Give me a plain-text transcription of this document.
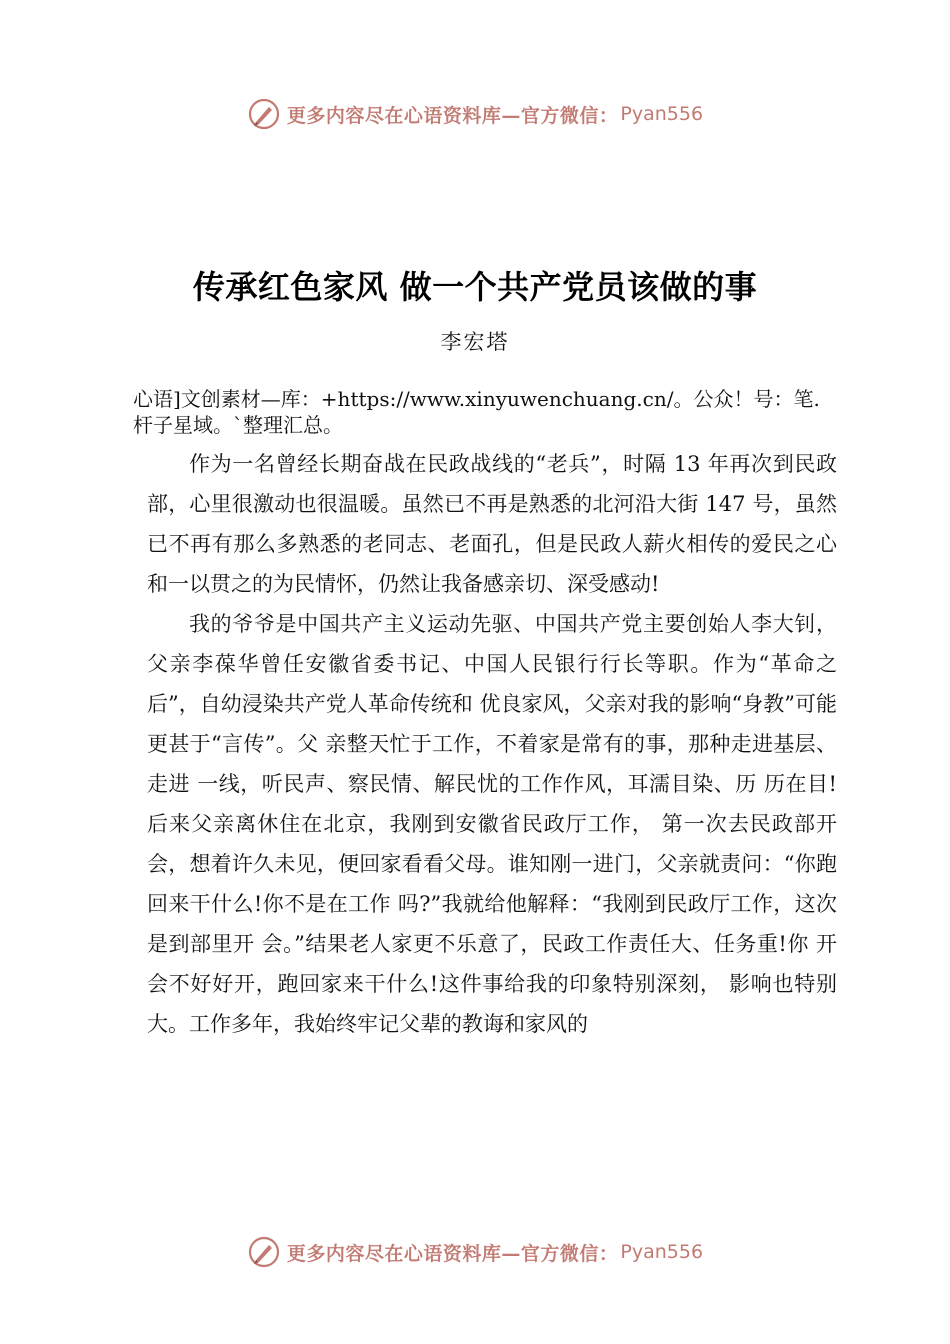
更多内容尽在心语资料库—官方微信： Pyan556
传承红色家风 做一个共产党员该做的事
李宏塔
心语]文创素材—库：+https://www.xinyuwenchuang.cn/。公众！号：笔.杆子星域。`整理汇总。

作为一名曾经长期奋战在民政战线的“老兵”，时隔 13 年再次到民政部，心里很激动也很温暖。虽然已不再是熟悉的北河沿大街 147 号，虽然已不再有那么多熟悉的老同志、老面孔，但是民政人薪火相传的爱民之心和一以贯之的为民情怀，仍然让我备感亲切、深受感动!

我的爷爷是中国共产主义运动先驱、中国共产党主要创始人李大钊，父亲李葆华曾任安徽省委书记、中国人民银行行长等职。作为“革命之后”，自幼浸染共产党人革命传统和 优良家风，父亲对我的影响“身教”可能更甚于“言传”。父 亲整天忙于工作，不着家是常有的事，那种走进基层、走进 一线，听民声、察民情、解民忧的工作作风，耳濡目染、历 历在目!后来父亲离休住在北京，我刚到安徽省民政厅工作， 第一次去民政部开会，想着许久未见，便回家看看父母。谁知刚一进门，父亲就责问：“你跑回来干什么!你不是在工作 吗?”我就给他解释：“我刚到民政厅工作，这次是到部里开 会。”结果老人家更不乐意了，民政工作责任大、任务重!你 开会不好好开，跑回家来干什么!这件事给我的印象特别深刻， 影响也特别大。工作多年，我始终牢记父辈的教诲和家风的

更多内容尽在心语资料库—官方微信： Pyan556
